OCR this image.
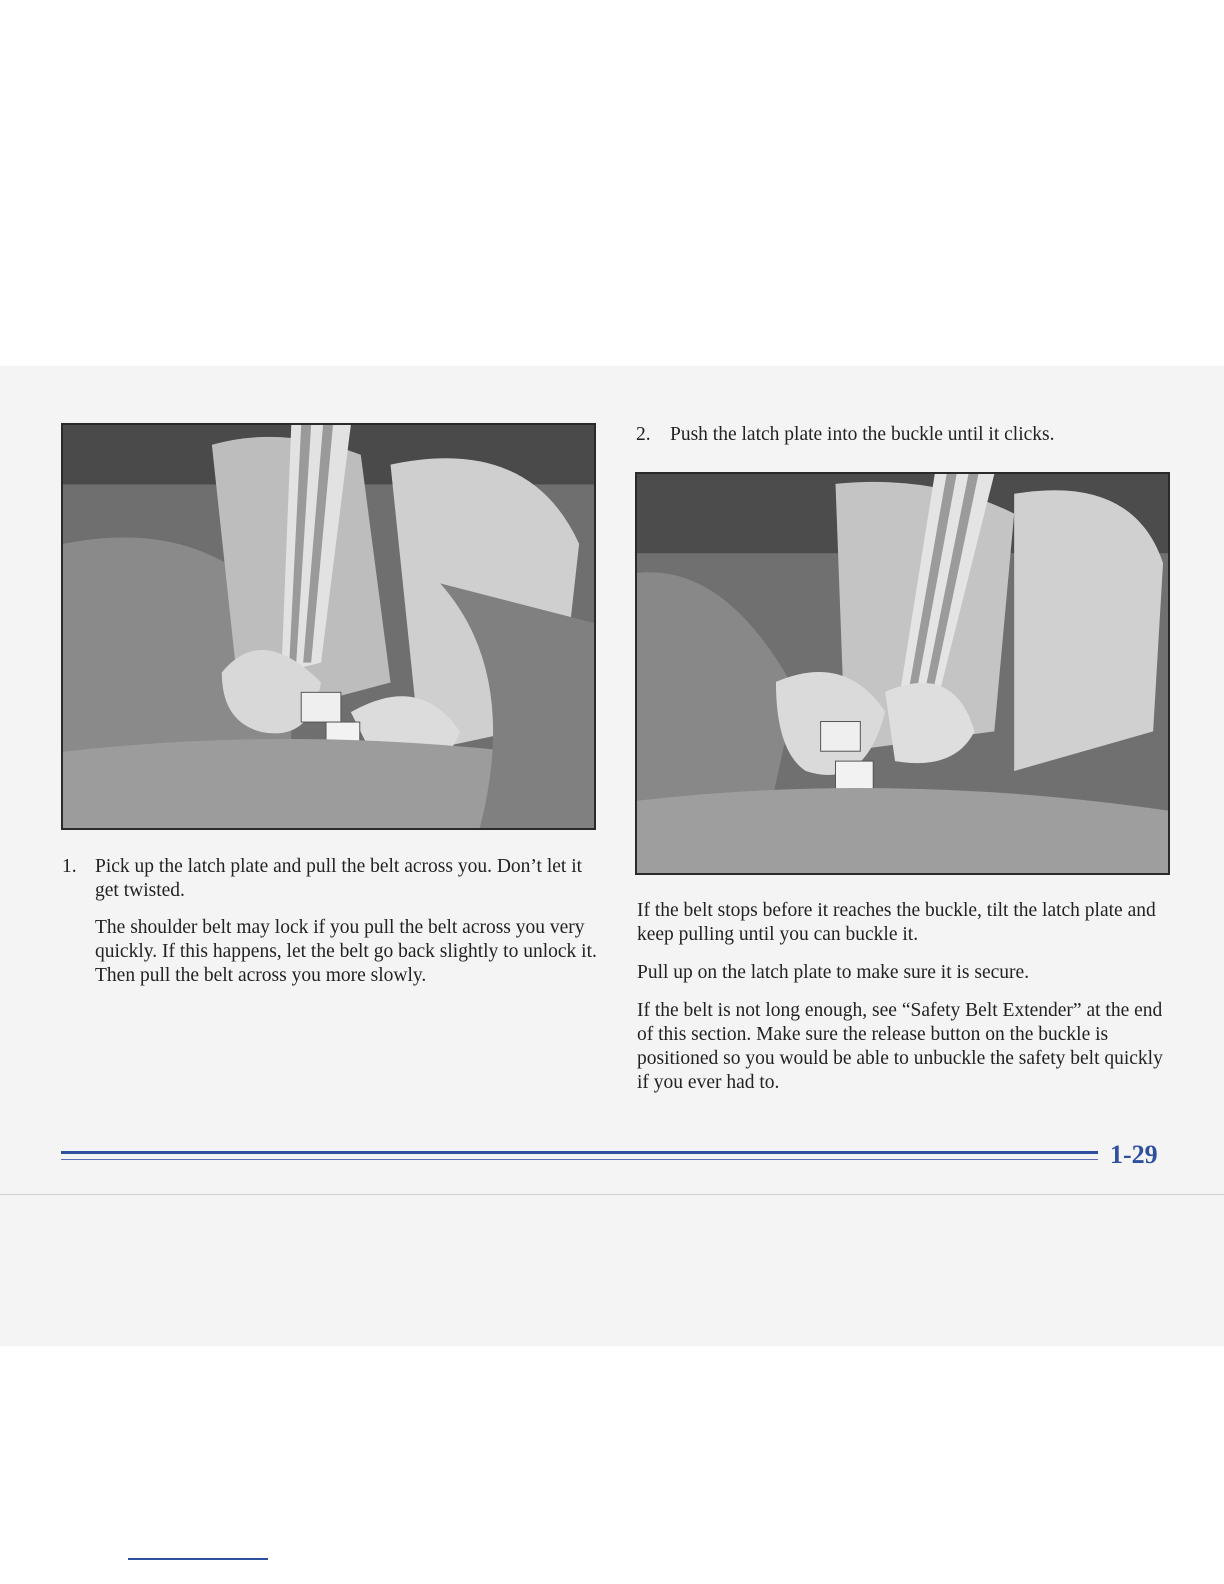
2. Push the latch plate into the buckle until it clicks.
1. Pick up the latch plate and pull the belt across you. Don’t let it get twisted.
The shoulder belt may lock if you pull the belt across you very quickly. If this happens, let the belt go back slightly to unlock it. Then pull the belt across you more slowly.
If the belt stops before it reaches the buckle, tilt the latch plate and keep pulling until you can buckle it.
Pull up on the latch plate to make sure it is secure.
If the belt is not long enough, see “Safety Belt Extender” at the end of this section. Make sure the release button on the buckle is positioned so you would be able to unbuckle the safety belt quickly if you ever had to.
1-29
